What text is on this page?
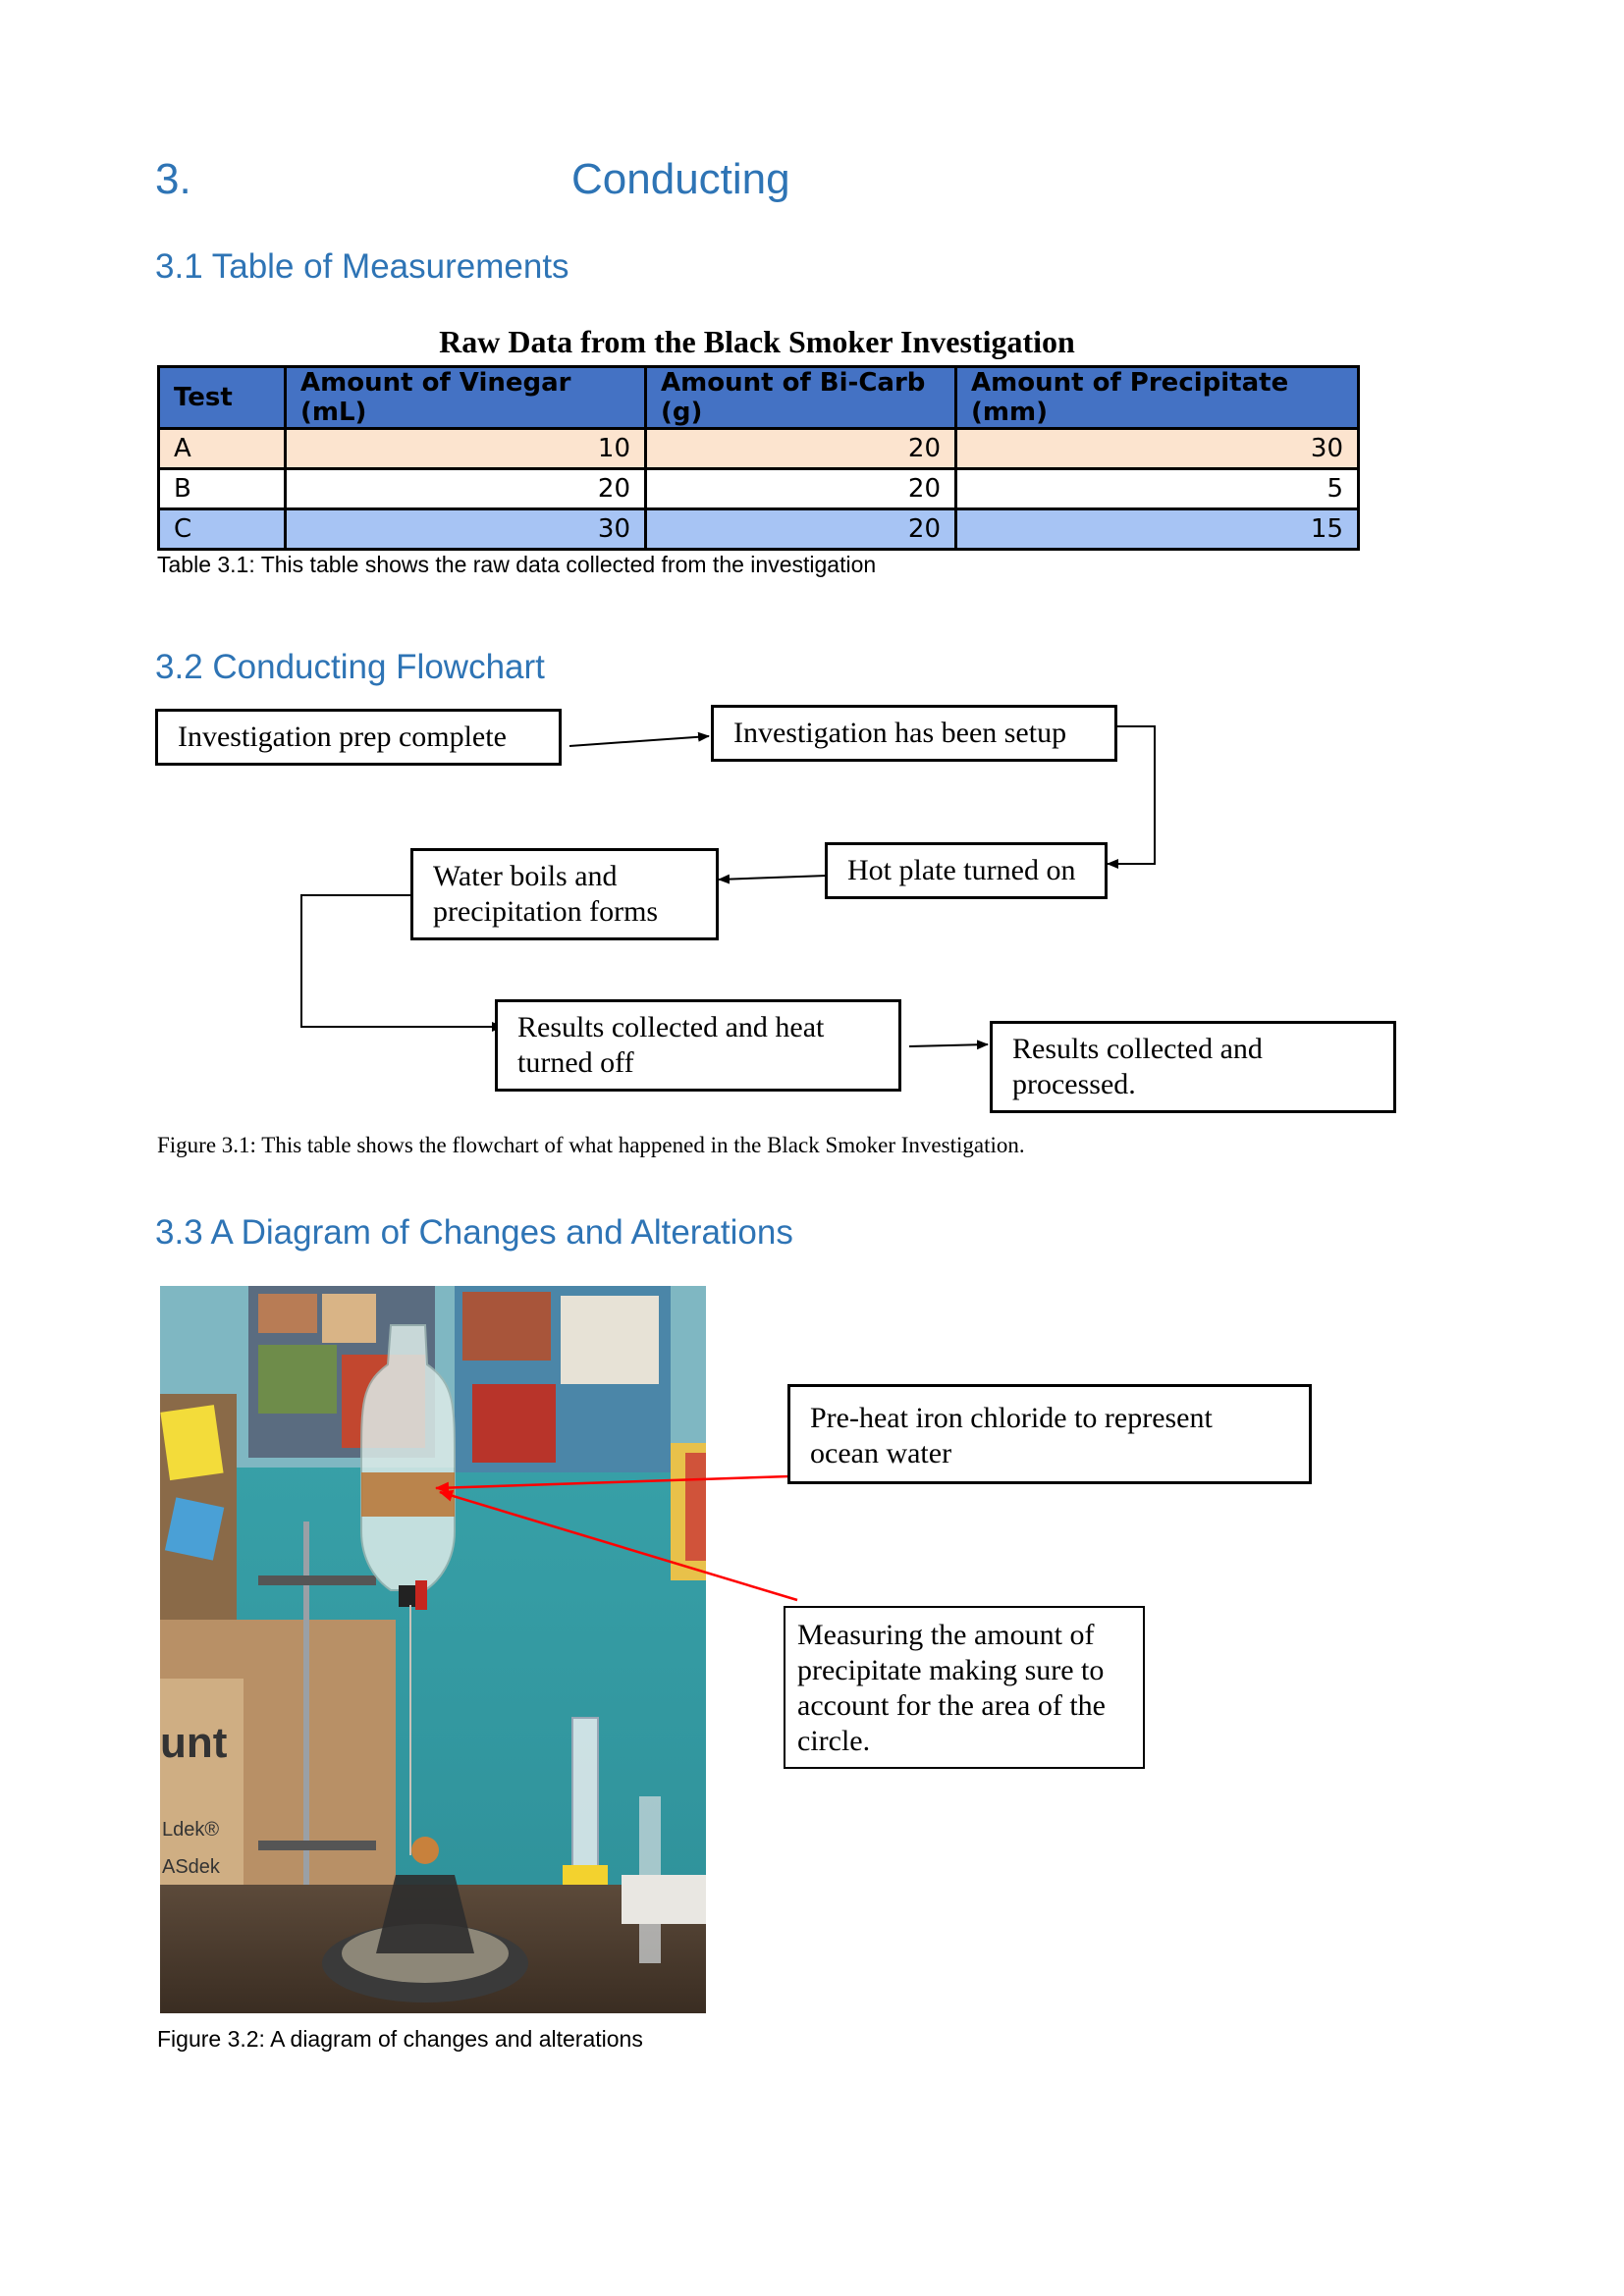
3.	Conducting
3.1 Table of Measurements
Raw Data from the Black Smoker Investigation
Test	Amount of Vinegar (mL)	Amount of Bi-Carb (g)	Amount of Precipitate (mm)
A	10	20	30
B	20	20	5
C	30	20	15
Table 3.1: This table shows the raw data collected from the investigation
3.2 Conducting Flowchart
Investigation prep complete	Investigation has been setup
Hot plate turned on
Water boils and
precipitation forms
Results collected and heat
turned off	Results collected and
processed.
Figure 3.1: This table shows the flowchart of what happened in the Black Smoker Investigation.
3.3 A Diagram of Changes and Alterations
unt
Ldek®
ASdek
Pre-heat iron chloride to represent
ocean water
Measuring the amount of
precipitate making sure to
account for the area of the
circle.
Figure 3.2: A diagram of changes and alterations
